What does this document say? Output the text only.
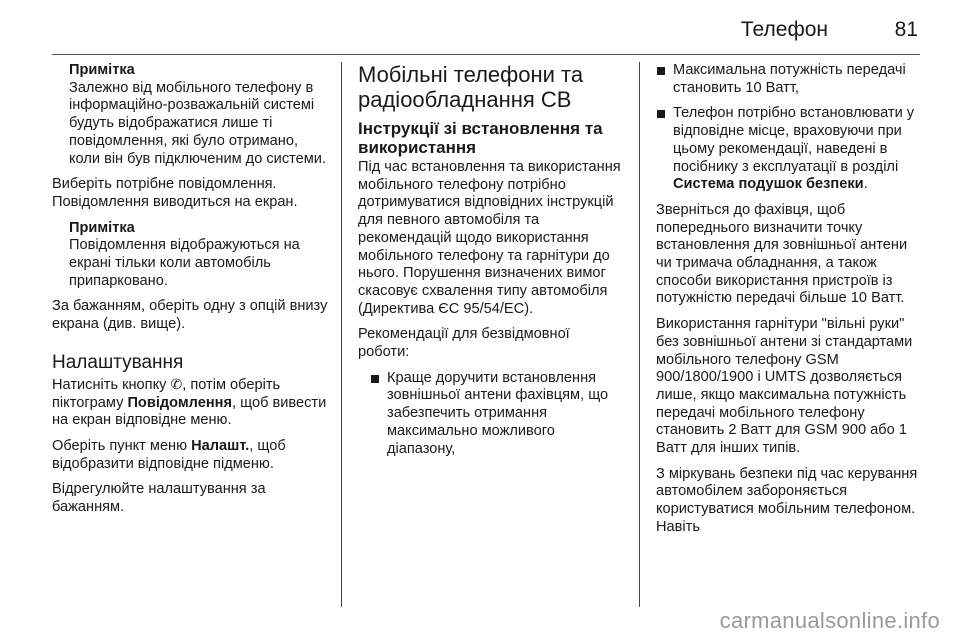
Телефон	81
Примітка
Залежно від мобільного телефону в інформаційно-розважальній системі будуть відображатися лише ті повідомлення, які було отримано, коли він був підключеним до системи.

Виберіть потрібне повідомлення. Повідомлення виводиться на екран.

Примітка
Повідомлення відображуються на екрані тільки коли автомобіль припарковано.

За бажанням, оберіть одну з опцій внизу екрана (див. вище).

Налаштування

Натисніть кнопку ✆, потім оберіть піктограму Повідомлення, щоб вивести на екран відповідне меню.

Оберіть пункт меню Налашт., щоб відобразити відповідне підменю.

Відрегулюйте налаштування за бажанням.

Мобільні телефони та радіообладнання СВ
Інструкції зі встановлення та використання

Під час встановлення та використання мобільного телефону потрібно дотримуватися відповідних інструкцій для певного автомобіля та рекомендацій щодо використання мобільного телефону та гарнітури до нього. Порушення визначених вимог скасовує схвалення типу автомобіля (Директива ЄС 95/54/ЕС).

Рекомендації для безвідмовної роботи:

Краще доручити встановлення зовнішньої антени фахівцям, що забезпечить отримання максимально можливого діапазону,
Максимальна потужність передачі становить 10 Ватт,
Телефон потрібно встановлювати у відповідне місце, враховуючи при цьому рекомендації, наведені в посібнику з експлуатації в розділі Система подушок безпеки.

Зверніться до фахівця, щоб попереднього визначити точку встановлення для зовнішньої антени чи тримача обладнання, а також способи використання пристроїв із потужністю передачі більше 10 Ватт.

Використання гарнітури "вільні руки" без зовнішньої антени зі стандартами мобільного телефону GSM 900/1800/1900 і UMTS дозволяється лише, якщо максимальна потужність передачі мобільного телефону становить 2 Ватт для GSM 900 або 1 Ватт для інших типів.

З міркувань безпеки під час керування автомобілем забороняється користуватися мобільним телефоном. Навіть

carmanualsonline.info
